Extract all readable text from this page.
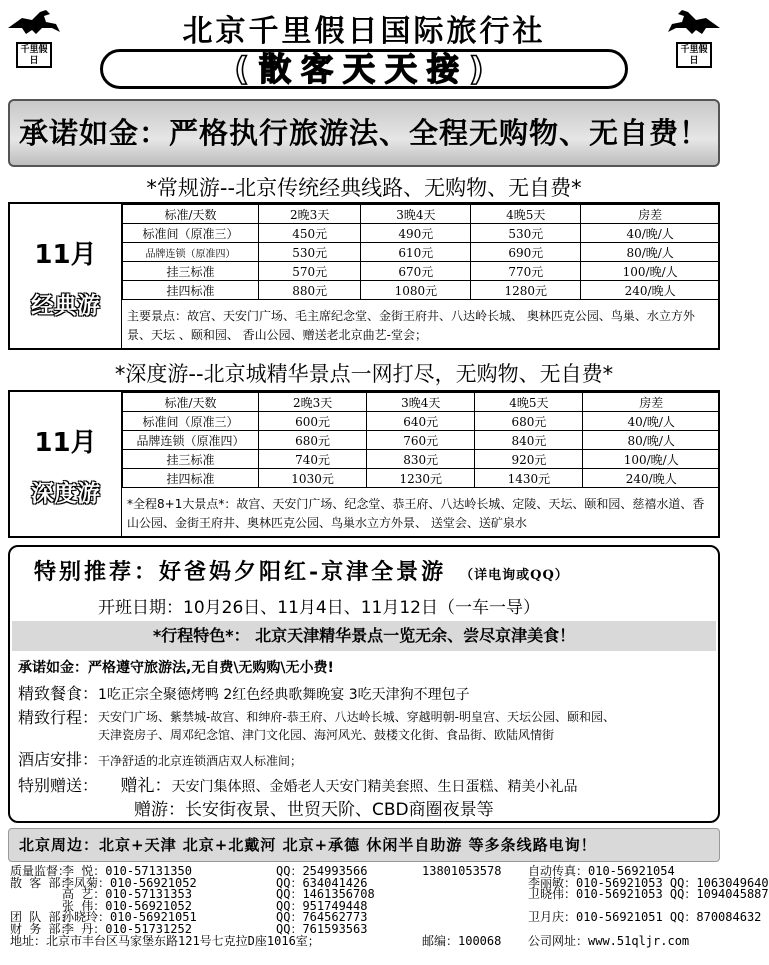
千里假日
北京千里假日国际旅行社
(散客天天接)	千里假日
承诺如金：严格执行旅游法、全程无购物、无自费！
*常规游--北京传统经典线路、无购物、无自费*
11月
经典游
标准/天数	2晚3天	3晚4天	4晚5天	房差
标准间（原准三）	450元	490元	530元	40/晚/人
品牌连锁（原准四）	530元	610元	690元	80/晚/人
挂三标准	570元	670元	770元	100/晚/人
挂四标准	880元	1080元	1280元	240/晚人
主要景点：故宫、天安门广场、毛主席纪念堂、金街王府井、八达岭长城、 奥林匹克公园、鸟巢、水立方外景、天坛 、颐和园、 香山公园、赠送老北京曲艺-堂会；
*深度游--北京城精华景点一网打尽，无购物、无自费*
11月
深度游
标准/天数	2晚3天	3晚4天	4晚5天	房差
标准间（原准三）	600元	640元	680元	40/晚/人
品牌连锁（原准四）	680元	760元	840元	80/晚/人
挂三标准	740元	830元	920元	100/晚/人
挂四标准	1030元	1230元	1430元	240/晚人
*全程8+1大景点*：故宫、天安门广场、纪念堂、恭王府、八达岭长城、定陵、天坛、颐和园、慈禧水道、香山公园、金街王府井、奥林匹克公园、鸟巢水立方外景、 送堂会、送矿泉水
特别推荐：好爸妈夕阳红-京津全景游 （详电询或QQ）
开班日期：10月26日、11月4日、11月12日（一车一导）
*行程特色*： 北京天津精华景点一览无余、尝尽京津美食！
承诺如金：严格遵守旅游法,无自费\无购购\无小费!
精致餐食：1吃正宗全聚德烤鸭 2红色经典歌舞晚宴 3吃天津狗不理包子
精致行程： 天安门广场、紫禁城-故宫、和绅府-恭王府、八达岭长城、穿越明朝-明皇宫、天坛公园、颐和园、
天津瓷房子、周邓纪念馆、津门文化园、海河风光、鼓楼文化街、食品街、欧陆风情街
酒店安排：干净舒适的北京连锁酒店双人标准间；
特别赠送： 赠礼：天安门集体照、金婚老人天安门精美套照、生日蛋糕、精美小礼品
赠游：长安街夜景、世贸天阶、CBD商圈夜景等
北京周边：北京+天津 北京+北戴河 北京+承德 休闲半自助游 等多条线路电询！
质量监督：
李 悦：010-57131350	QQ：254993566	13801053578 自动传真：010-56921054
散 客 部：
李凤菊：010-56921052	QQ：634041426	李丽敏：010-56921053 QQ：1063049640
高 艺：010-57131353	QQ：1461356708	卫晓伟：010-56921053 QQ：1094045887
张 伟：010-56921052	QQ：951749448
团 队 部：
孙晓玲：010-56921051	QQ：764562773	卫月庆：010-56921051 QQ：870084632
财 务 部：
李 丹：010-51731252	QQ：761593563
地址：北京市丰台区马家堡东路121号七克拉D座1016室；	邮编：100068 公司网址：www.51qljr.com
